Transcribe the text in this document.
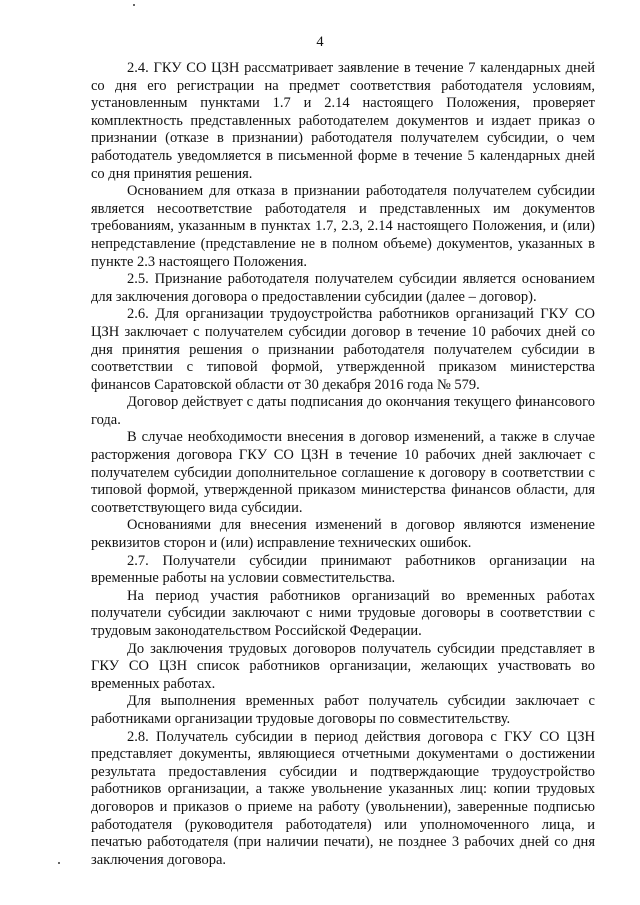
4

2.4. ГКУ СО ЦЗН рассматривает заявление в течение 7 календарных дней со дня его регистрации на предмет соответствия работодателя условиям, установленным пунктами 1.7 и 2.14 настоящего Положения, проверяет комплектность представленных работодателем документов и издает приказ о признании (отказе в признании) работодателя получателем субсидии, о чем работодатель уведомляется в письменной форме в течение 5 календарных дней со дня принятия решения.

Основанием для отказа в признании работодателя получателем субсидии является несоответствие работодателя и представленных им документов требованиям, указанным в пунктах 1.7, 2.3, 2.14 настоящего Положения, и (или) непредставление (представление не в полном объеме) документов, указанных в пункте 2.3 настоящего Положения.

2.5. Признание работодателя получателем субсидии является основанием для заключения договора о предоставлении субсидии (далее – договор).

2.6. Для организации трудоустройства работников организаций ГКУ СО ЦЗН заключает с получателем субсидии договор в течение 10 рабочих дней со дня принятия решения о признании работодателя получателем субсидии в соответствии с типовой формой, утвержденной приказом министерства финансов Саратовской области от 30 декабря 2016 года № 579.

Договор действует с даты подписания до окончания текущего финансового года.

В случае необходимости внесения в договор изменений, а также в случае расторжения договора ГКУ СО ЦЗН в течение 10 рабочих дней заключает с получателем субсидии дополнительное соглашение к договору в соответствии с типовой формой, утвержденной приказом министерства финансов области, для соответствующего вида субсидии.

Основаниями для внесения изменений в договор являются изменение реквизитов сторон и (или) исправление технических ошибок.

2.7. Получатели субсидии принимают работников организации на временные работы на условии совместительства.

На период участия работников организаций во временных работах получатели субсидии заключают с ними трудовые договоры в соответствии с трудовым законодательством Российской Федерации.

До заключения трудовых договоров получатель субсидии представляет в ГКУ СО ЦЗН список работников организации, желающих участвовать во временных работах.

Для выполнения временных работ получатель субсидии заключает с работниками организации трудовые договоры по совместительству.

2.8. Получатель субсидии в период действия договора с ГКУ СО ЦЗН представляет документы, являющиеся отчетными документами о достижении результата предоставления субсидии и подтверждающие трудоустройство работников организации, а также увольнение указанных лиц: копии трудовых договоров и приказов о приеме на работу (увольнении), заверенные подписью работодателя (руководителя работодателя) или уполномоченного лица, и печатью работодателя (при наличии печати), не позднее 3 рабочих дней со дня заключения договора.
